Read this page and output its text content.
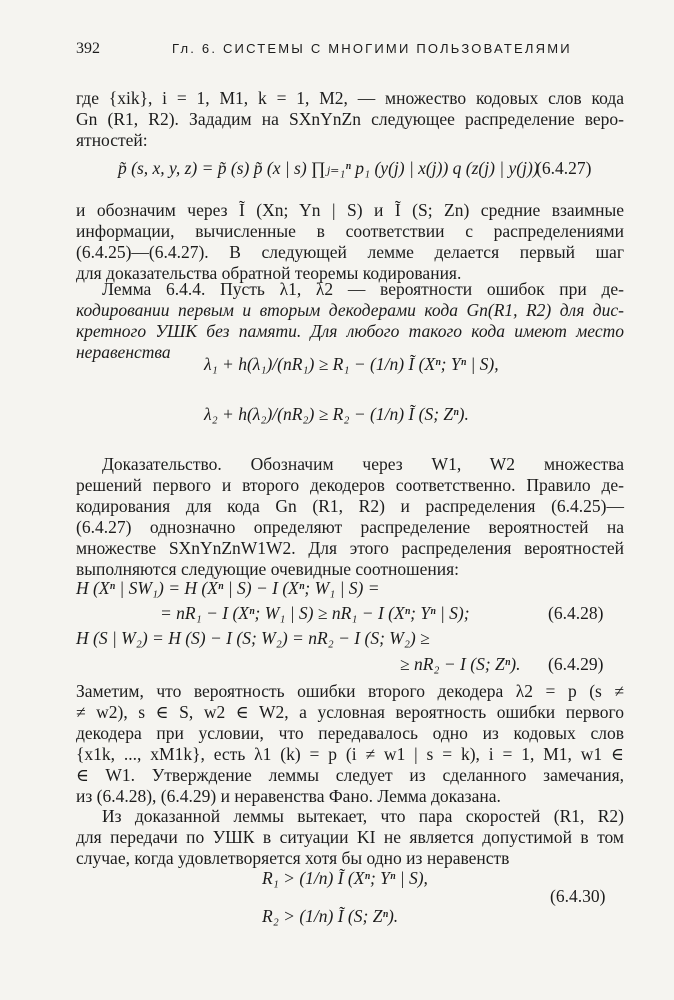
392	Гл. 6. СИСТЕМЫ С МНОГИМИ ПОЛЬЗОВАТЕЛЯМИ
где {xik}, i = 1, M1, k = 1, M2, — множество кодовых слов кода
Gn (R1, R2). Зададим на SXnYnZn следующее распределение веро-
ятностей:
p̃ (s, x, y, z) = p̃ (s) p̃ (x | s) ∏ⱼ₌₁ⁿ p₁ (y(j) | x(j)) q (z(j) | y(j))
(6.4.27)
и обозначим через Ĩ (Xn; Yn | S) и Ĩ (S; Zn) средние взаимные
информации, вычисленные в соответствии с распределениями
(6.4.25)—(6.4.27). В следующей лемме делается первый шаг
для доказательства обратной теоремы кодирования.
Лемма 6.4.4. Пусть λ1, λ2 — вероятности ошибок при де-
кодировании первым и вторым декодерами кода Gn(R1, R2) для дис-
кретного УШК без памяти. Для любого такого кода имеют место
неравенства
λ₁ + h(λ₁)/(nR₁) ≥ R₁ − (1/n) Ĩ (Xⁿ; Yⁿ | S),
λ₂ + h(λ₂)/(nR₂) ≥ R₂ − (1/n) Ĩ (S; Zⁿ).
Доказательство. Обозначим через W1, W2 множества
решений первого и второго декодеров соответственно. Правило де-
кодирования для кода Gn (R1, R2) и распределения (6.4.25)—
(6.4.27) однозначно определяют распределение вероятностей на
множестве SXnYnZnW1W2. Для этого распределения вероятностей
выполняются следующие очевидные соотношения:
H (Xⁿ | SW₁) = H (Xⁿ | S) − I (Xⁿ; W₁ | S) =
= nR₁ − I (Xⁿ; W₁ | S) ≥ nR₁ − I (Xⁿ; Yⁿ | S);	(6.4.28)
H (S | W₂) = H (S) − I (S; W₂) = nR₂ − I (S; W₂) ≥
≥ nR₂ − I (S; Zⁿ). (6.4.29)
Заметим, что вероятность ошибки второго декодера λ2 = p (s ≠
≠ w2), s ∈ S, w2 ∈ W2, а условная вероятность ошибки первого
декодера при условии, что передавалось одно из кодовых слов
{x1k, ..., xM1k}, есть λ1 (k) = p (i ≠ w1 | s = k), i = 1, M1, w1 ∈
∈ W1. Утверждение леммы следует из сделанного замечания,
из (6.4.28), (6.4.29) и неравенства Фано. Лемма доказана.
Из доказанной леммы вытекает, что пара скоростей (R1, R2)
для передачи по УШК в ситуации KI не является допустимой в том
случае, когда удовлетворяется хотя бы одно из неравенств
R₁ > (1/n) Ĩ (Xⁿ; Yⁿ | S),
R₂ > (1/n) Ĩ (S; Zⁿ).
(6.4.30)
